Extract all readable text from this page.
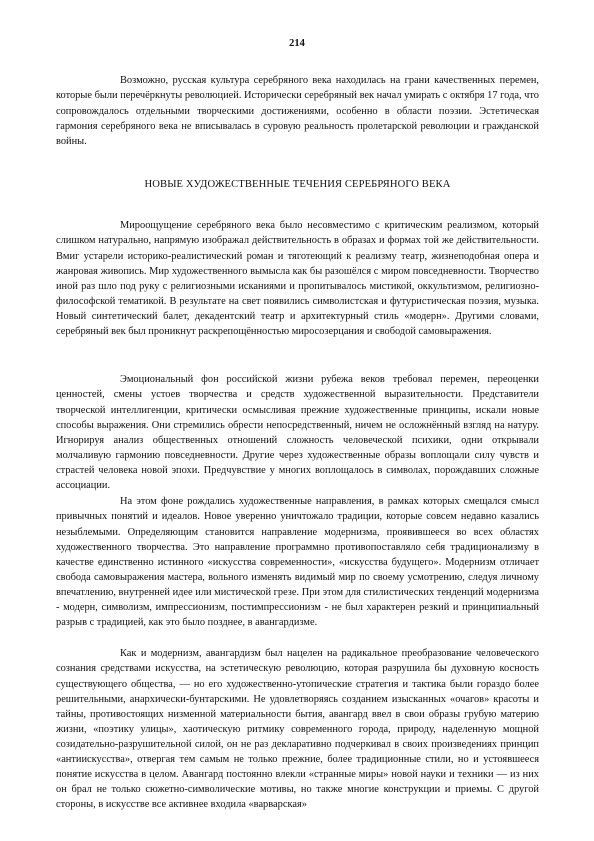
214

Возможно, русская культура серебряного века находилась на грани качественных перемен, которые были перечёркнуты революцией. Исторически серебряный век начал умирать с октября 17 года, что сопровождалось отдельными творческими достижениями, особенно в области поэзии. Эстетическая гармония серебряного века не вписывалась в суровую реальность пролетарской революции и гражданской войны.

НОВЫЕ ХУДОЖЕСТВЕННЫЕ ТЕЧЕНИЯ СЕРЕБРЯНОГО ВЕКА

Мироощущение серебряного века было несовместимо с критическим реализмом, который слишком натурально, напрямую изображал действительность в образах и формах той же действительности. Вмиг устарели историко-реалистический роман и тяготеющий к реализму театр, жизнеподобная опера и жанровая живопись. Мир художественного вымысла как бы разошёлся с миром повседневности. Творчество иной раз шло под руку с религиозными исканиями и пропитывалось мистикой, оккультизмом, религиозно-философской тематикой. В результате на свет появились символистская и футуристическая поэзия, музыка. Новый синтетический балет, декадентский театр и архитектурный стиль «модерн». Другими словами, серебряный век был проникнут раскрепощённостью миросозерцания и свободой самовыражения.

Эмоциональный фон российской жизни рубежа веков требовал перемен, переоценки ценностей, смены устоев творчества и средств художественной выразительности. Представители творческой интеллигенции, критически осмысливая прежние художественные принципы, искали новые способы выражения. Они стремились обрести непосредственный, ничем не осложнённый взгляд на натуру. Игнорируя анализ общественных отношений сложность человеческой психики, одни открывали молчаливую гармонию повседневности. Другие через художественные образы воплощали силу чувств и страстей человека новой эпохи. Предчувствие у многих воплощалось в символах, порождавших сложные ассоциации.

На этом фоне рождались художественные направления, в рамках которых смещался смысл привычных понятий и идеалов. Новое уверенно уничтожало традиции, которые совсем недавно казались незыблемыми. Определяющим становится направление модернизма, проявившееся во всех областях художественного творчества. Это направление программно противопоставляло себя традиционализму в качестве единственно истинного «искусства современности», «искусства будущего». Модернизм отличает свобода самовыражения мастера, вольного изменять видимый мир по своему усмотрению, следуя личному впечатлению, внутренней идее или мистической грезе. При этом для стилистических тенденций модернизма - модерн, символизм, импрессионизм, постимпрессионизм - не был характерен резкий и принципиальный разрыв с традицией, как это было позднее, в авангардизме.

Как и модернизм, авангардизм был нацелен на радикальное преобразование человеческого сознания средствами искусства, на эстетическую революцию, которая разрушила бы духовную косность существующего общества, — но его художественно-утопические стратегия и тактика были гораздо более решительными, анархически-бунтарскими. Не удовлетворяясь созданием изысканных «очагов» красоты и тайны, противостоящих низменной материальности бытия, авангард ввел в свои образы грубую материю жизни, «поэтику улицы», хаотическую ритмику современного города, природу, наделенную мощной созидательно-разрушительной силой, он не раз декларативно подчеркивал в своих произведениях принцип «антиискусства», отвергая тем самым не только прежние, более традиционные стили, но и устоявшееся понятие искусства в целом. Авангард постоянно влекли «странные миры» новой науки и техники — из них он брал не только сюжетно-символические мотивы, но также многие конструкции и приемы. С другой стороны, в искусстве все активнее входила «варварская»
